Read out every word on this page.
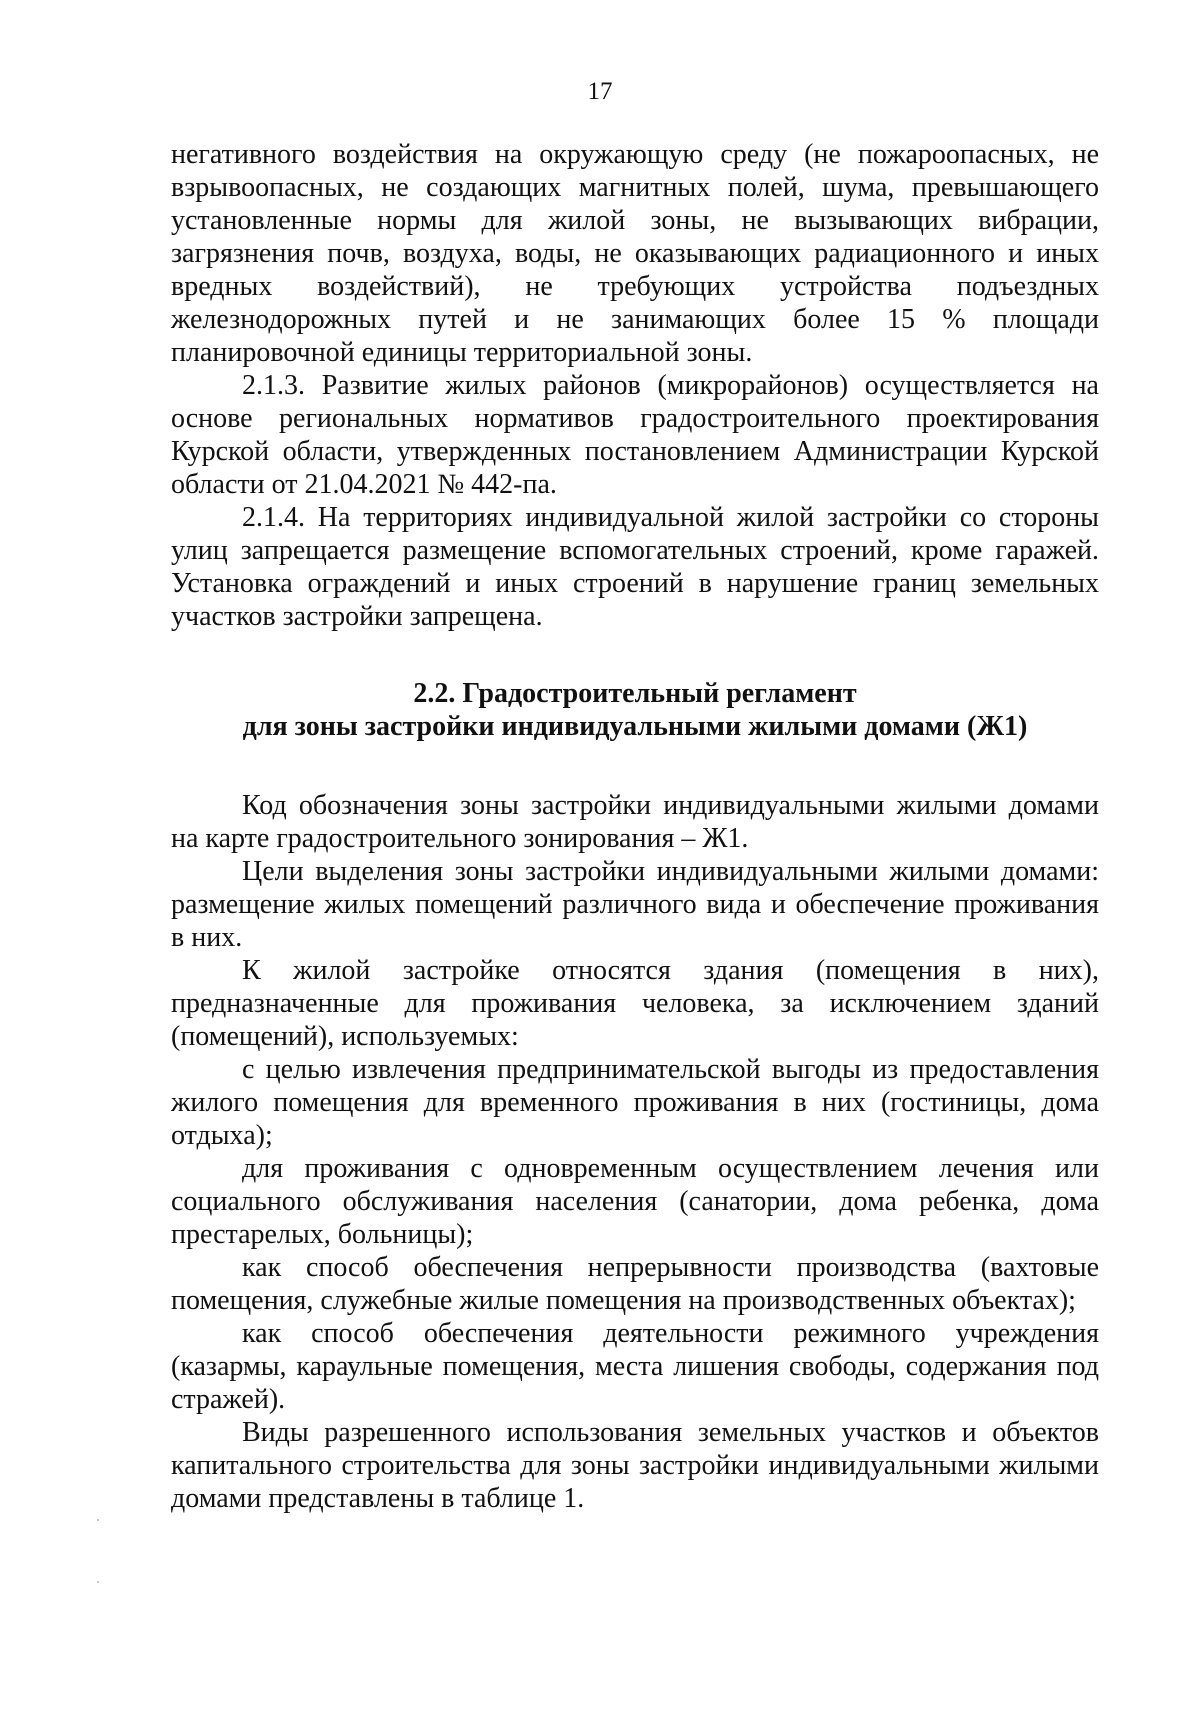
17

негативного воздействия на окружающую среду (не пожароопасных, не взрывоопасных, не создающих магнитных полей, шума, превышающего установленные нормы для жилой зоны, не вызывающих вибрации, загрязнения почв, воздуха, воды, не оказывающих радиационного и иных вредных воздействий), не требующих устройства подъездных железнодорожных путей и не занимающих более 15 % площади планировочной единицы территориальной зоны.

2.1.3. Развитие жилых районов (микрорайонов) осуществляется на основе региональных нормативов градостроительного проектирования Курской области, утвержденных постановлением Администрации Курской области от 21.04.2021 № 442-па.

2.1.4. На территориях индивидуальной жилой застройки со стороны улиц запрещается размещение вспомогательных строений, кроме гаражей. Установка ограждений и иных строений в нарушение границ земельных участков застройки запрещена.

2.2. Градостроительный регламент
для зоны застройки индивидуальными жилыми домами (Ж1)

Код обозначения зоны застройки индивидуальными жилыми домами на карте градостроительного зонирования – Ж1.

Цели выделения зоны застройки индивидуальными жилыми домами: размещение жилых помещений различного вида и обеспечение проживания в них.

К жилой застройке относятся здания (помещения в них), предназначенные для проживания человека, за исключением зданий (помещений), используемых:

с целью извлечения предпринимательской выгоды из предоставления жилого помещения для временного проживания в них (гостиницы, дома отдыха);

для проживания с одновременным осуществлением лечения или социального обслуживания населения (санатории, дома ребенка, дома престарелых, больницы);

как способ обеспечения непрерывности производства (вахтовые помещения, служебные жилые помещения на производственных объектах);

как способ обеспечения деятельности режимного учреждения (казармы, караульные помещения, места лишения свободы, содержания под стражей).

Виды разрешенного использования земельных участков и объектов капитального строительства для зоны застройки индивидуальными жилыми домами представлены в таблице 1.
